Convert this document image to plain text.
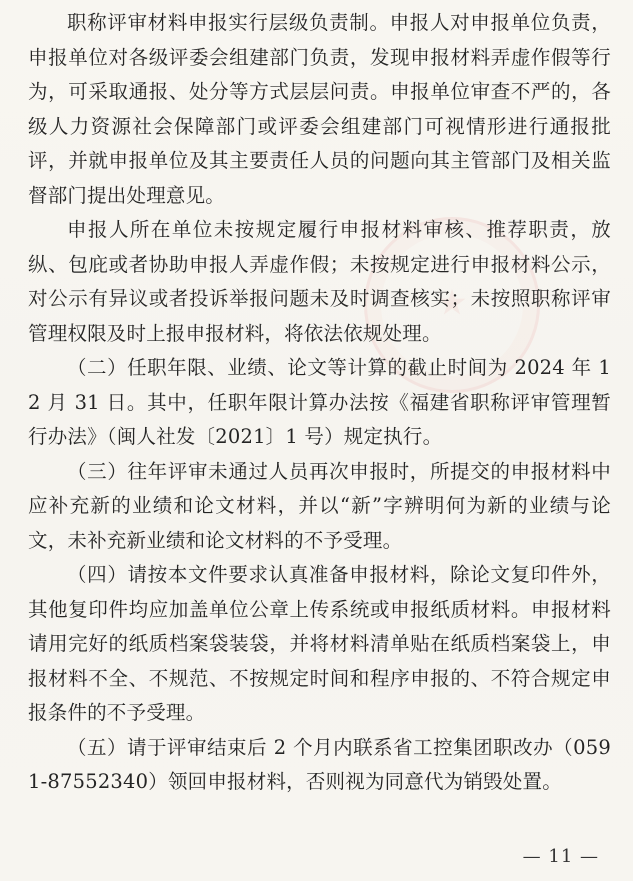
职称评审材料申报实行层级负责制。申报人对申报单位负责，申报单位对各级评委会组建部门负责，发现申报材料弄虚作假等行为，可采取通报、处分等方式层层问责。申报单位审查不严的，各级人力资源社会保障部门或评委会组建部门可视情形进行通报批评，并就申报单位及其主要责任人员的问题向其主管部门及相关监督部门提出处理意见。

申报人所在单位未按规定履行申报材料审核、推荐职责，放纵、包庇或者协助申报人弄虚作假；未按规定进行申报材料公示，对公示有异议或者投诉举报问题未及时调查核实；未按照职称评审管理权限及时上报申报材料，将依法依规处理。

（二）任职年限、业绩、论文等计算的截止时间为 2024 年 12 月 31 日。其中，任职年限计算办法按《福建省职称评审管理暂行办法》（闽人社发〔2021〕1 号）规定执行。

（三）往年评审未通过人员再次申报时，所提交的申报材料中应补充新的业绩和论文材料，并以“新”字辨明何为新的业绩与论文，未补充新业绩和论文材料的不予受理。

（四）请按本文件要求认真准备申报材料，除论文复印件外，其他复印件均应加盖单位公章上传系统或申报纸质材料。申报材料请用完好的纸质档案袋装袋，并将材料清单贴在纸质档案袋上，申报材料不全、不规范、不按规定时间和程序申报的、不符合规定申报条件的不予受理。

（五）请于评审结束后 2 个月内联系省工控集团职改办（0591-87552340）领回申报材料，否则视为同意代为销毁处置。

— 11 —
